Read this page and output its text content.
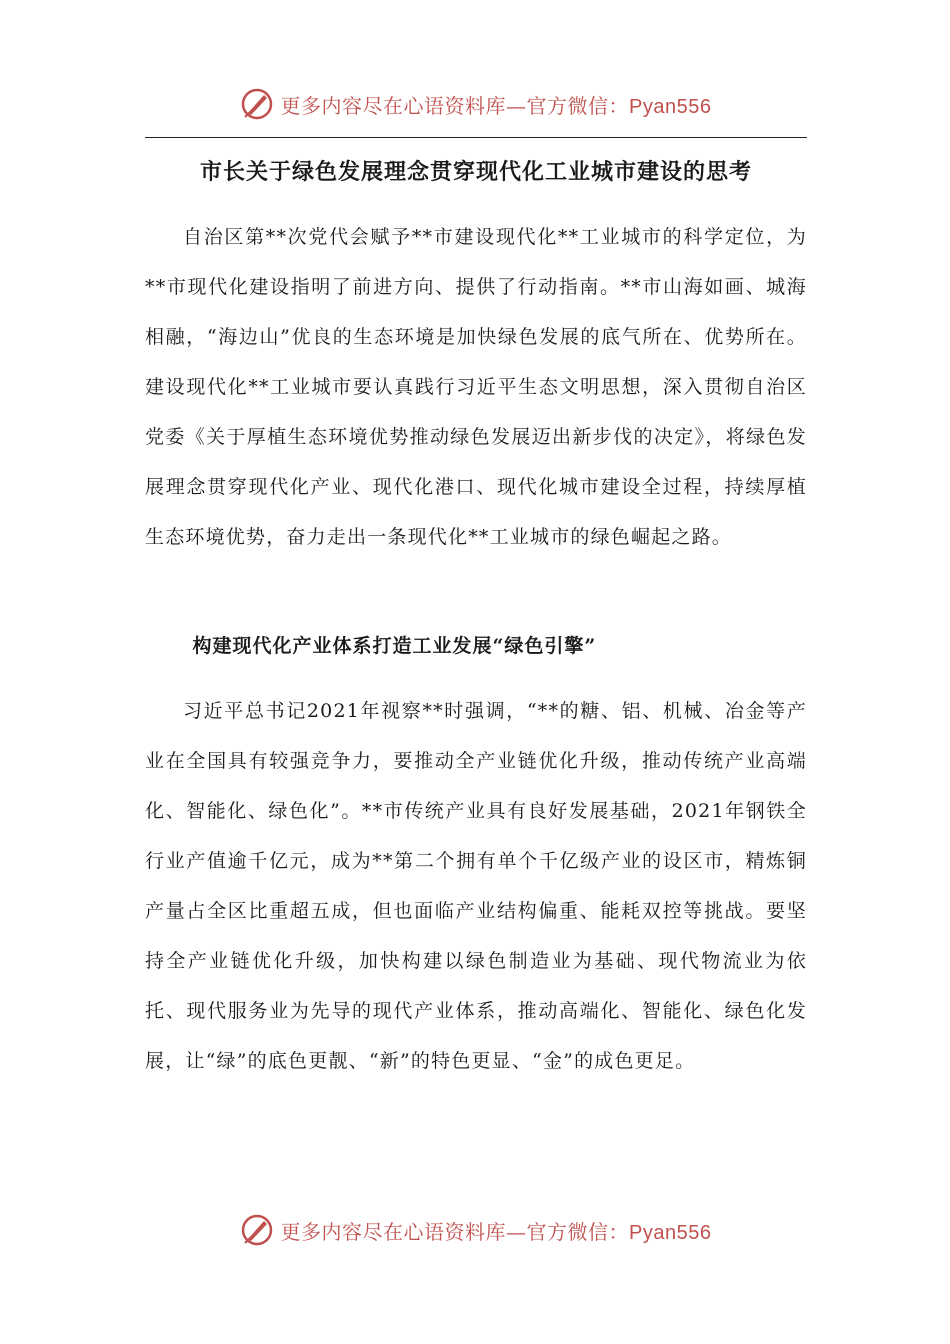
更多内容尽在心语资料库—官方微信：Pyan556
市长关于绿色发展理念贯穿现代化工业城市建设的思考

自治区第**次党代会赋予**市建设现代化**工业城市的科学定位，为**市现代化建设指明了前进方向、提供了行动指南。**市山海如画、城海相融，“海边山”优良的生态环境是加快绿色发展的底气所在、优势所在。建设现代化**工业城市要认真践行习近平生态文明思想，深入贯彻自治区党委《关于厚植生态环境优势推动绿色发展迈出新步伐的决定》，将绿色发展理念贯穿现代化产业、现代化港口、现代化城市建设全过程，持续厚植生态环境优势，奋力走出一条现代化**工业城市的绿色崛起之路。

构建现代化产业体系打造工业发展“绿色引擎”

习近平总书记2021年视察**时强调，“**的糖、铝、机械、冶金等产业在全国具有较强竞争力，要推动全产业链优化升级，推动传统产业高端化、智能化、绿色化”。**市传统产业具有良好发展基础，2021年钢铁全行业产值逾千亿元，成为**第二个拥有单个千亿级产业的设区市，精炼铜产量占全区比重超五成，但也面临产业结构偏重、能耗双控等挑战。要坚持全产业链优化升级，加快构建以绿色制造业为基础、现代物流业为依托、现代服务业为先导的现代产业体系，推动高端化、智能化、绿色化发展，让“绿”的底色更靓、“新”的特色更显、“金”的成色更足。

更多内容尽在心语资料库—官方微信：Pyan556
